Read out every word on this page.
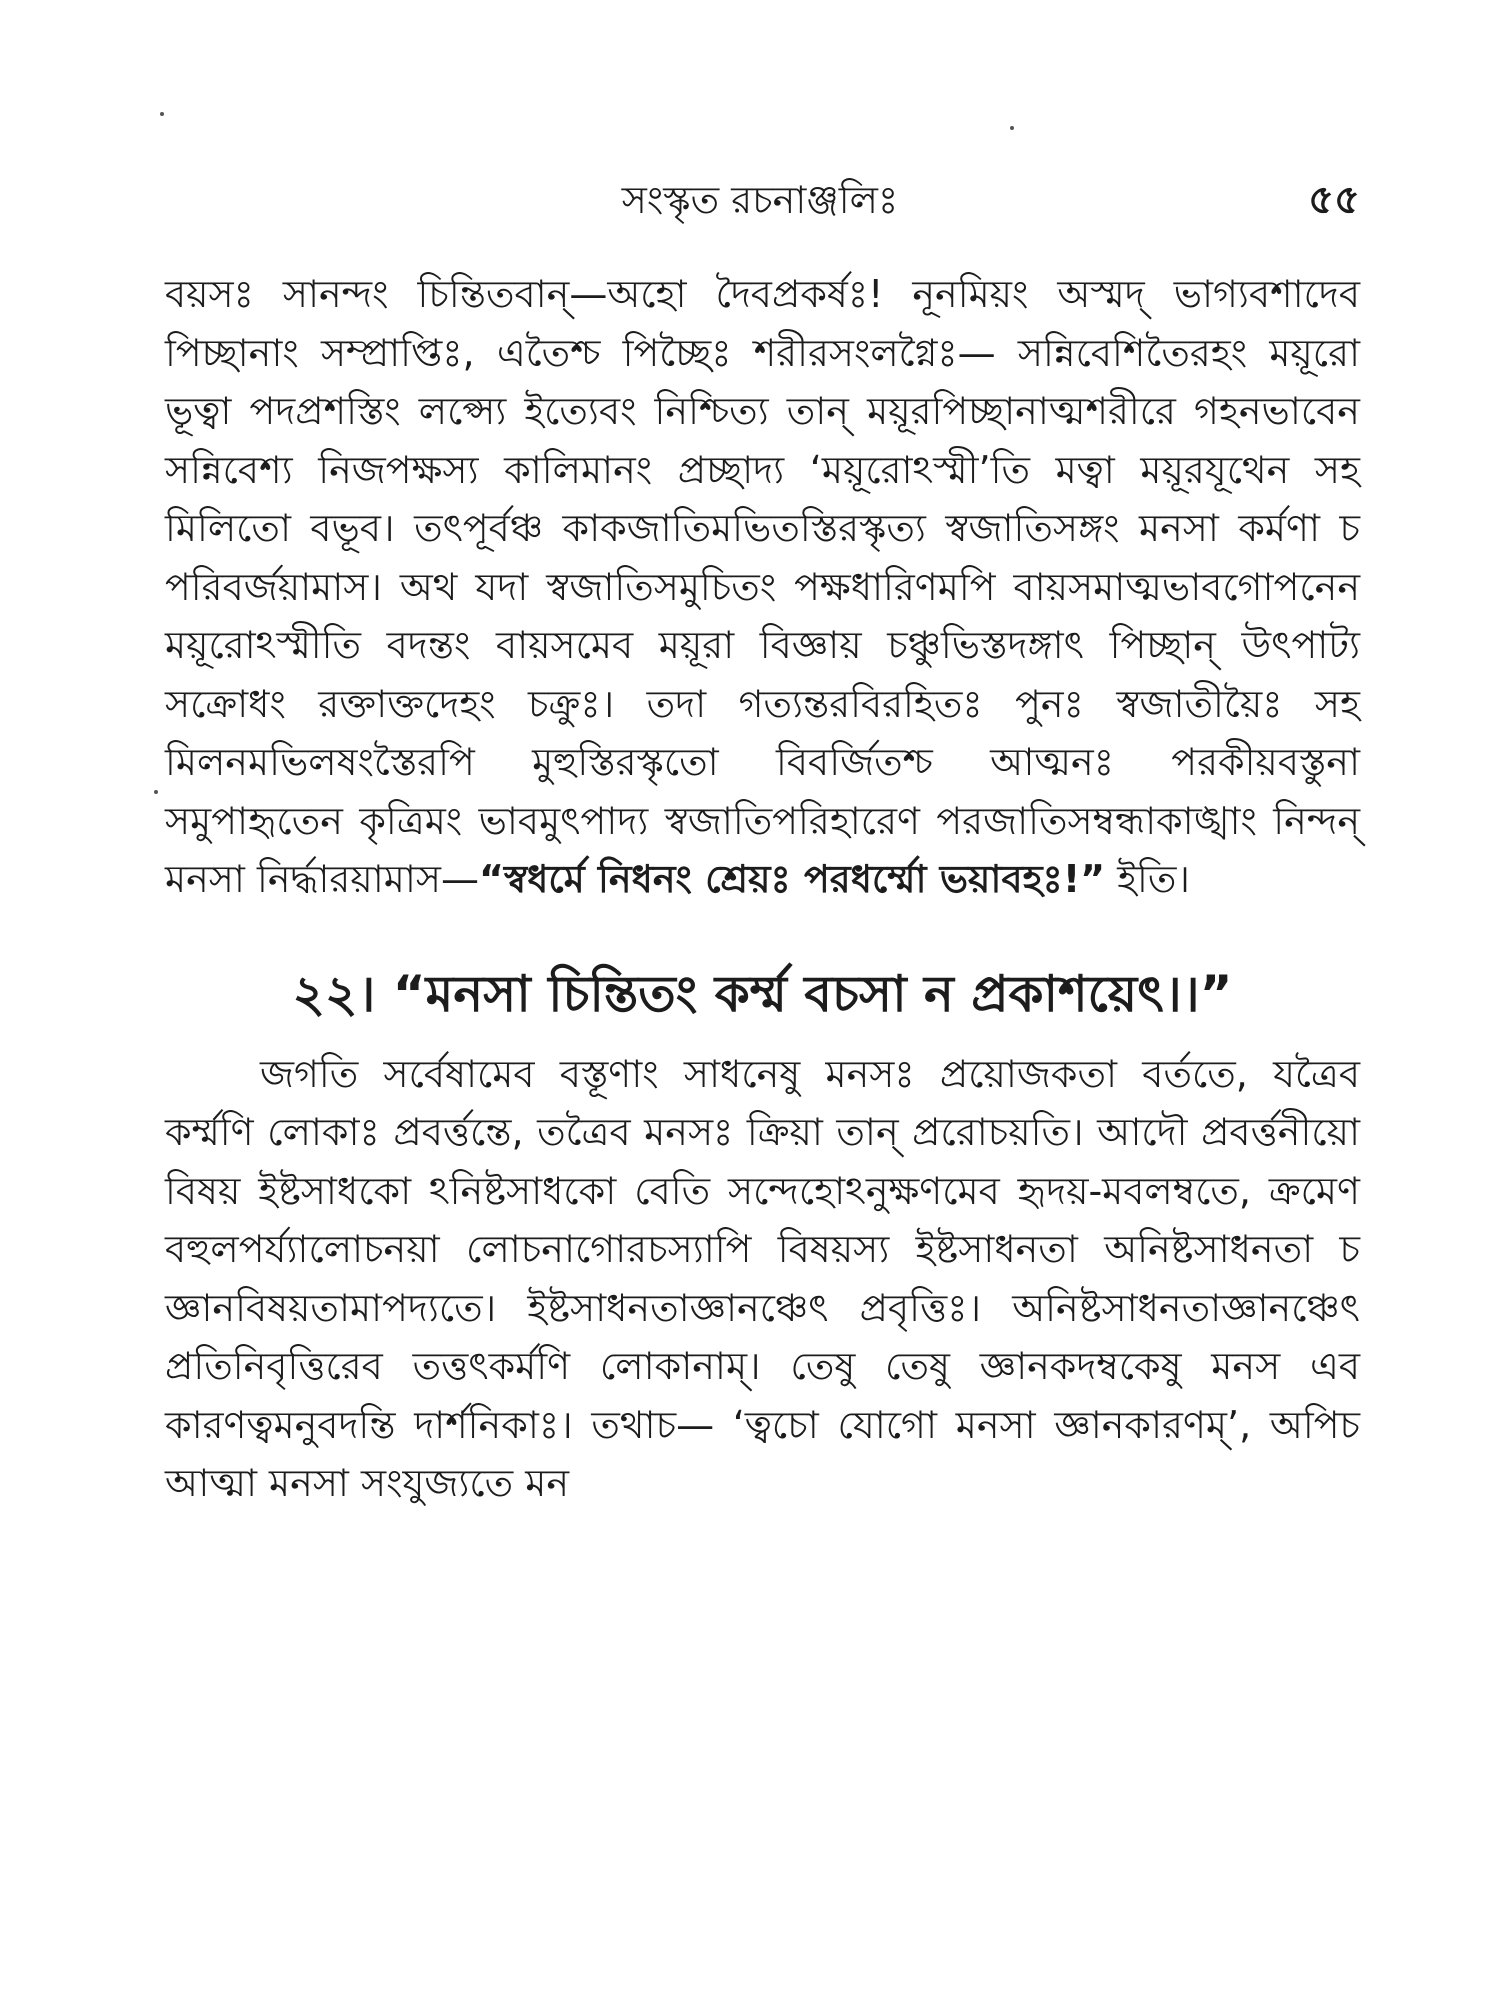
সংস্কৃত রচনাঞ্জলিঃ	৫৫

বয়সঃ সানন্দং চিন্তিতবান্—অহো দৈবপ্রকর্ষঃ! নূনমিয়ং অস্মদ্ ভাগ্যবশাদেব পিচ্ছানাং সম্প্রাপ্তিঃ, এতৈশ্চ পিচ্ছৈঃ শরীরসংলগ্নৈঃ— সন্নিবেশিতৈরহং ময়ূরো ভূত্বা পদপ্রশস্তিং লপ্স্যে ইত্যেবং নিশ্চিত্য তান্ ময়ূরপিচ্ছানাত্মশরীরে গহনভাবেন সন্নিবেশ্য নিজপক্ষস্য কালিমানং প্রচ্ছাদ্য ‘ময়ূরোঽস্মী’তি মত্বা ময়ূরযূথেন সহ মিলিতো বভূব। তৎপূর্বঞ্চ কাকজাতিমভিতস্তিরস্কৃত্য স্বজাতিসঙ্গং মনসা কর্মণা চ পরিবর্জয়ামাস। অথ যদা স্বজাতিসমুচিতং পক্ষধারিণমপি বায়সমাত্মভাবগোপনেন ময়ূরোঽস্মীতি বদন্তং বায়সমেব ময়ূরা বিজ্ঞায় চঞ্চুভিস্তদঙ্গাৎ পিচ্ছান্ উৎপাট্য সক্রোধং রক্তাক্তদেহং চক্রুঃ। তদা গত্যন্তরবিরহিতঃ পুনঃ স্বজাতীয়ৈঃ সহ মিলনমভিলষংস্তৈরপি মুহুস্তিরস্কৃতো বিবর্জিতশ্চ আত্মনঃ পরকীয়বস্তুনা সমুপাহৃতেন কৃত্রিমং ভাবমুৎপাদ্য স্বজাতিপরিহারেণ পরজাতিসম্বন্ধাকাঙ্খাং নিন্দন্ মনসা নির্দ্ধারয়ামাস—“স্বধর্মে নিধনং শ্রেয়ঃ পরধর্ম্মো ভয়াবহঃ!” ইতি।

২২। “মনসা চিন্তিতং কর্ম্ম বচসা ন প্রকাশয়েৎ।।”

জগতি সর্বেষামেব বস্তূণাং সাধনেষু মনসঃ প্রয়োজকতা বর্ততে, যত্রৈব কর্ম্মণি লোকাঃ প্রবর্ত্তন্তে, তত্রৈব মনসঃ ক্রিয়া তান্ প্ররোচয়তি। আদৌ প্রবর্ত্তনীয়ো বিষয় ইষ্টসাধকো ঽনিষ্টসাধকো বেতি সন্দেহোঽনুক্ষণমেব হৃদয়-মবলম্বতে, ক্রমেণ বহুলপর্য্যালোচনয়া লোচনাগোরচস্যাপি বিষয়স্য ইষ্টসাধনতা অনিষ্টসাধনতা চ জ্ঞানবিষয়তামাপদ্যতে। ইষ্টসাধনতাজ্ঞানঞ্চেৎ প্রবৃত্তিঃ। অনিষ্টসাধনতাজ্ঞানঞ্চেৎ প্রতিনিবৃত্তিরেব তত্তৎকর্মণি লোকানাম্। তেষু তেষু জ্ঞানকদম্বকেষু মনস এব কারণত্বমনুবদন্তি দার্শনিকাঃ। তথাচ— ‘ত্বচো যোগো মনসা জ্ঞানকারণম্’, অপিচ আত্মা মনসা সংযুজ্যতে মন
